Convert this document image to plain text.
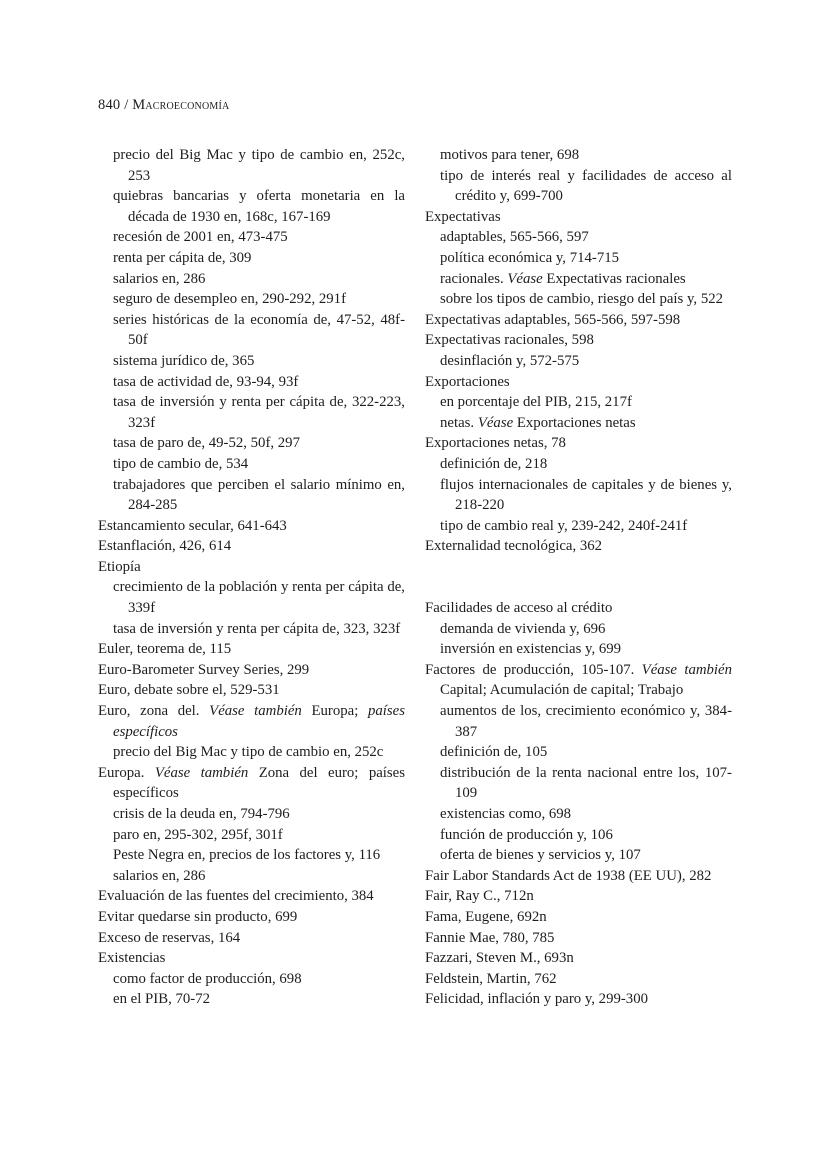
840 / Macroeconomía
precio del Big Mac y tipo de cambio en, 252c, 253
quiebras bancarias y oferta monetaria en la década de 1930 en, 168c, 167-169
recesión de 2001 en, 473-475
renta per cápita de, 309
salarios en, 286
seguro de desempleo en, 290-292, 291f
series históricas de la economía de, 47-52, 48f-50f
sistema jurídico de, 365
tasa de actividad de, 93-94, 93f
tasa de inversión y renta per cápita de, 322-223, 323f
tasa de paro de, 49-52, 50f, 297
tipo de cambio de, 534
trabajadores que perciben el salario mínimo en, 284-285
Estancamiento secular, 641-643
Estanflación, 426, 614
Etiopía
crecimiento de la población y renta per cápita de, 339f
tasa de inversión y renta per cápita de, 323, 323f
Euler, teorema de, 115
Euro-Barometer Survey Series, 299
Euro, debate sobre el, 529-531
Euro, zona del. Véase también Europa; países específicos
precio del Big Mac y tipo de cambio en, 252c
Europa. Véase también Zona del euro; países específicos
crisis de la deuda en, 794-796
paro en, 295-302, 295f, 301f
Peste Negra en, precios de los factores y, 116
salarios en, 286
Evaluación de las fuentes del crecimiento, 384
Evitar quedarse sin producto, 699
Exceso de reservas, 164
Existencias
como factor de producción, 698
en el PIB, 70-72
motivos para tener, 698
tipo de interés real y facilidades de acceso al crédito y, 699-700
Expectativas
adaptables, 565-566, 597
política económica y, 714-715
racionales. Véase Expectativas racionales
sobre los tipos de cambio, riesgo del país y, 522
Expectativas adaptables, 565-566, 597-598
Expectativas racionales, 598
desinflación y, 572-575
Exportaciones
en porcentaje del PIB, 215, 217f
netas. Véase Exportaciones netas
Exportaciones netas, 78
definición de, 218
flujos internacionales de capitales y de bienes y, 218-220
tipo de cambio real y, 239-242, 240f-241f
Externalidad tecnológica, 362
Facilidades de acceso al crédito
demanda de vivienda y, 696
inversión en existencias y, 699
Factores de producción, 105-107. Véase también Capital; Acumulación de capital; Trabajo
aumentos de los, crecimiento económico y, 384-387
definición de, 105
distribución de la renta nacional entre los, 107-109
existencias como, 698
función de producción y, 106
oferta de bienes y servicios y, 107
Fair Labor Standards Act de 1938 (EE UU), 282
Fair, Ray C., 712n
Fama, Eugene, 692n
Fannie Mae, 780, 785
Fazzari, Steven M., 693n
Feldstein, Martin, 762
Felicidad, inflación y paro y, 299-300
